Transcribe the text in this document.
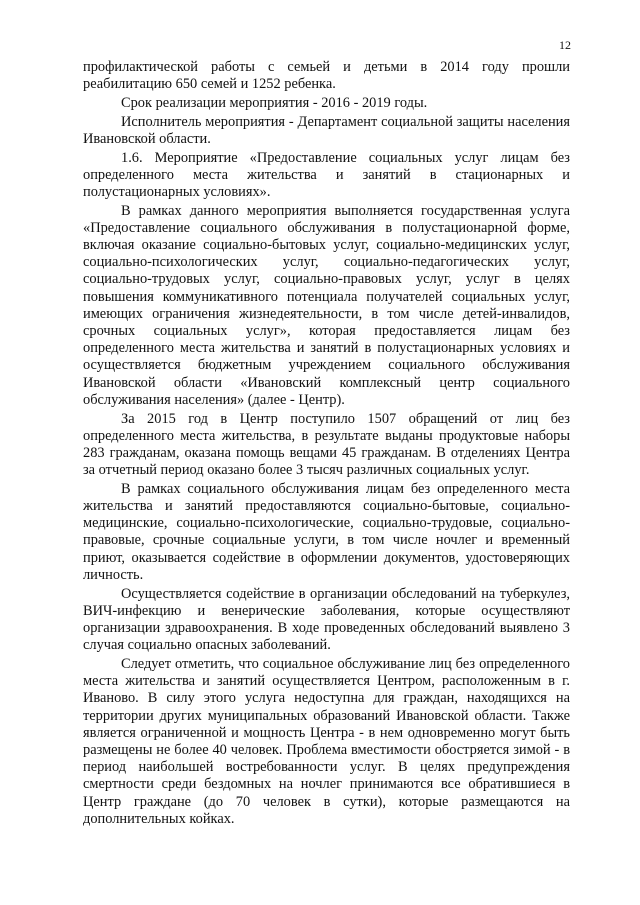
12

профилактической работы с семьей и детьми в 2014 году прошли реабилитацию 650 семей и 1252 ребенка.

Срок реализации мероприятия - 2016 - 2019 годы.

Исполнитель мероприятия - Департамент социальной защиты населения Ивановской области.

1.6. Мероприятие «Предоставление социальных услуг лицам без определенного места жительства и занятий в стационарных и полустационарных условиях».

В рамках данного мероприятия выполняется государственная услуга «Предоставление социального обслуживания в полустационарной форме, включая оказание социально-бытовых услуг, социально-медицинских услуг, социально-психологических услуг, социально-педагогических услуг, социально-трудовых услуг, социально-правовых услуг, услуг в целях повышения коммуникативного потенциала получателей социальных услуг, имеющих ограничения жизнедеятельности, в том числе детей-инвалидов, срочных социальных услуг», которая предоставляется лицам без определенного места жительства и занятий в полустационарных условиях и осуществляется бюджетным учреждением социального обслуживания Ивановской области «Ивановский комплексный центр социального обслуживания населения» (далее - Центр).

За 2015 год в Центр поступило 1507 обращений от лиц без определенного места жительства, в результате выданы продуктовые наборы 283 гражданам, оказана помощь вещами 45 гражданам. В отделениях Центра за отчетный период оказано более 3 тысяч различных социальных услуг.

В рамках социального обслуживания лицам без определенного места жительства и занятий предоставляются социально-бытовые, социально-медицинские, социально-психологические, социально-трудовые, социально-правовые, срочные социальные услуги, в том числе ночлег и временный приют, оказывается содействие в оформлении документов, удостоверяющих личность.

Осуществляется содействие в организации обследований на туберкулез, ВИЧ-инфекцию и венерические заболевания, которые осуществляют организации здравоохранения. В ходе проведенных обследований выявлено 3 случая социально опасных заболеваний.

Следует отметить, что социальное обслуживание лиц без определенного места жительства и занятий осуществляется Центром, расположенным в г. Иваново. В силу этого услуга недоступна для граждан, находящихся на территории других муниципальных образований Ивановской области. Также является ограниченной и мощность Центра - в нем одновременно могут быть размещены не более 40 человек. Проблема вместимости обостряется зимой - в период наибольшей востребованности услуг. В целях предупреждения смертности среди бездомных на ночлег принимаются все обратившиеся в Центр граждане (до 70 человек в сутки), которые размещаются на дополнительных койках.
